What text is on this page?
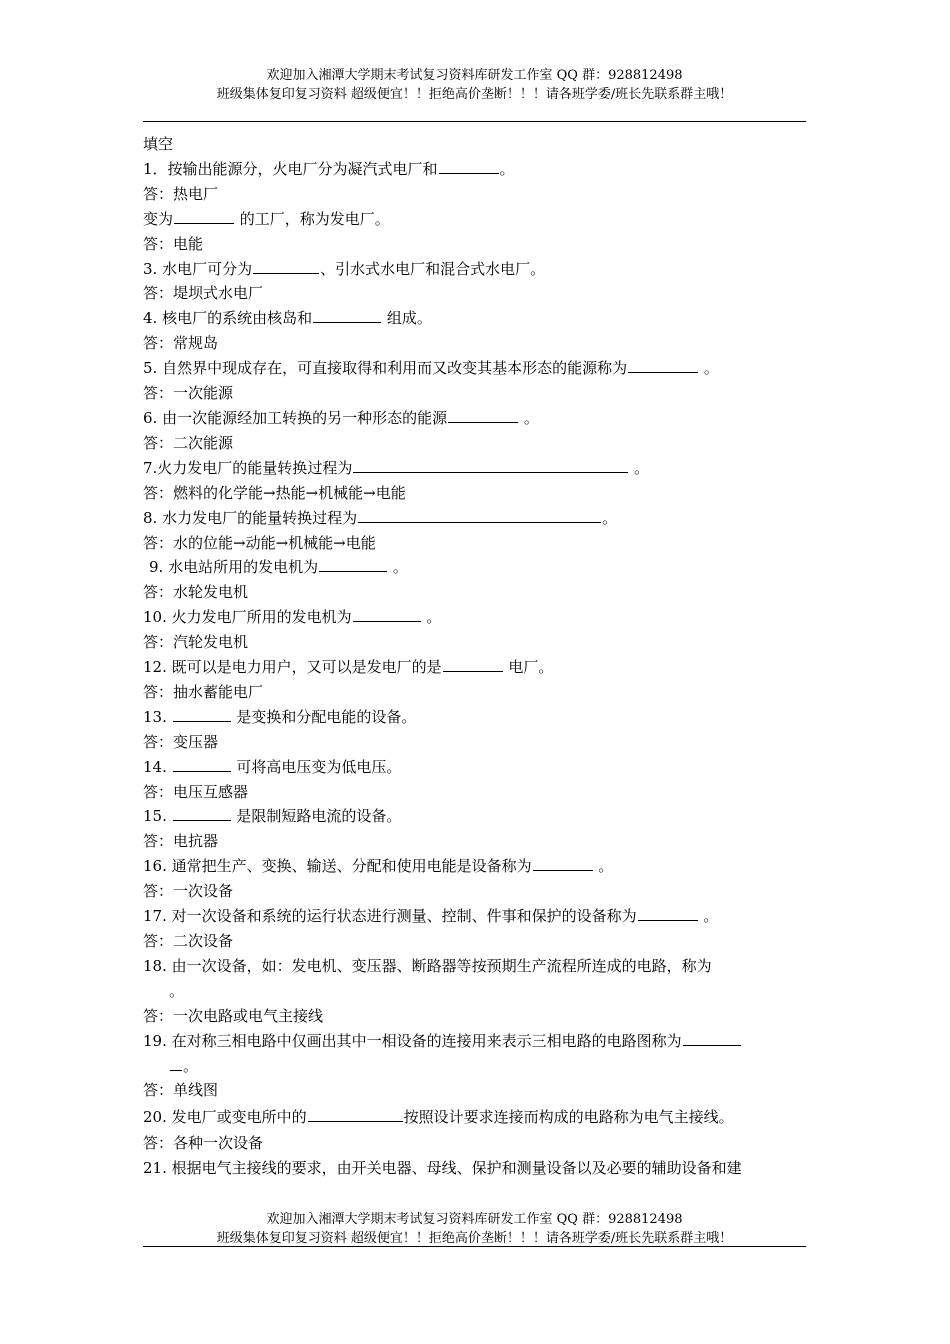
欢迎加入湘潭大学期末考试复习资料库研发工作室 QQ 群：928812498
班级集体复印复习资料 超级便宜！！拒绝高价垄断！！！请各班学委/班长先联系群主哦！
填空
1．按输出能源分，火电厂分为凝汽式电厂和	。
答：热电厂
变为	的工厂，称为发电厂。
答：电能
3. 水电厂可分为	、引水式水电厂和混合式水电厂。
答：堤坝式水电厂
4. 核电厂的系统由核岛和	组成。
答：常规岛
5. 自然界中现成存在，可直接取得和利用而又改变其基本形态的能源称为	。
答：一次能源
6. 由一次能源经加工转换的另一种形态的能源	。
答：二次能源
7.火力发电厂的能量转换过程为	。
答：燃料的化学能→热能→机械能→电能
8. 水力发电厂的能量转换过程为	。
答：水的位能→动能→机械能→电能
9. 水电站所用的发电机为	。
答：水轮发电机
10. 火力发电厂所用的发电机为	。
答：汽轮发电机
12. 既可以是电力用户，又可以是发电厂的是	电厂。
答：抽水蓄能电厂
13.	是变换和分配电能的设备。
答：变压器
14.	可将高电压变为低电压。
答：电压互感器
15.	是限制短路电流的设备。
答：电抗器
16. 通常把生产、变换、输送、分配和使用电能是设备称为	。
答：一次设备
17. 对一次设备和系统的运行状态进行测量、控制、件事和保护的设备称为	。
答：二次设备
18. 由一次设备，如：发电机、变压器、断路器等按预期生产流程所连成的电路，称为
。
答：一次电路或电气主接线
19. 在对称三相电路中仅画出其中一相设备的连接用来表示三相电路的电路图称为
。
答：单线图
20. 发电厂或变电所中的	按照设计要求连接而构成的电路称为电气主接线。
答：各种一次设备
21. 根据电气主接线的要求，由开关电器、母线、保护和测量设备以及必要的辅助设备和建
欢迎加入湘潭大学期末考试复习资料库研发工作室 QQ 群：928812498
班级集体复印复习资料 超级便宜！！拒绝高价垄断！！！请各班学委/班长先联系群主哦！
